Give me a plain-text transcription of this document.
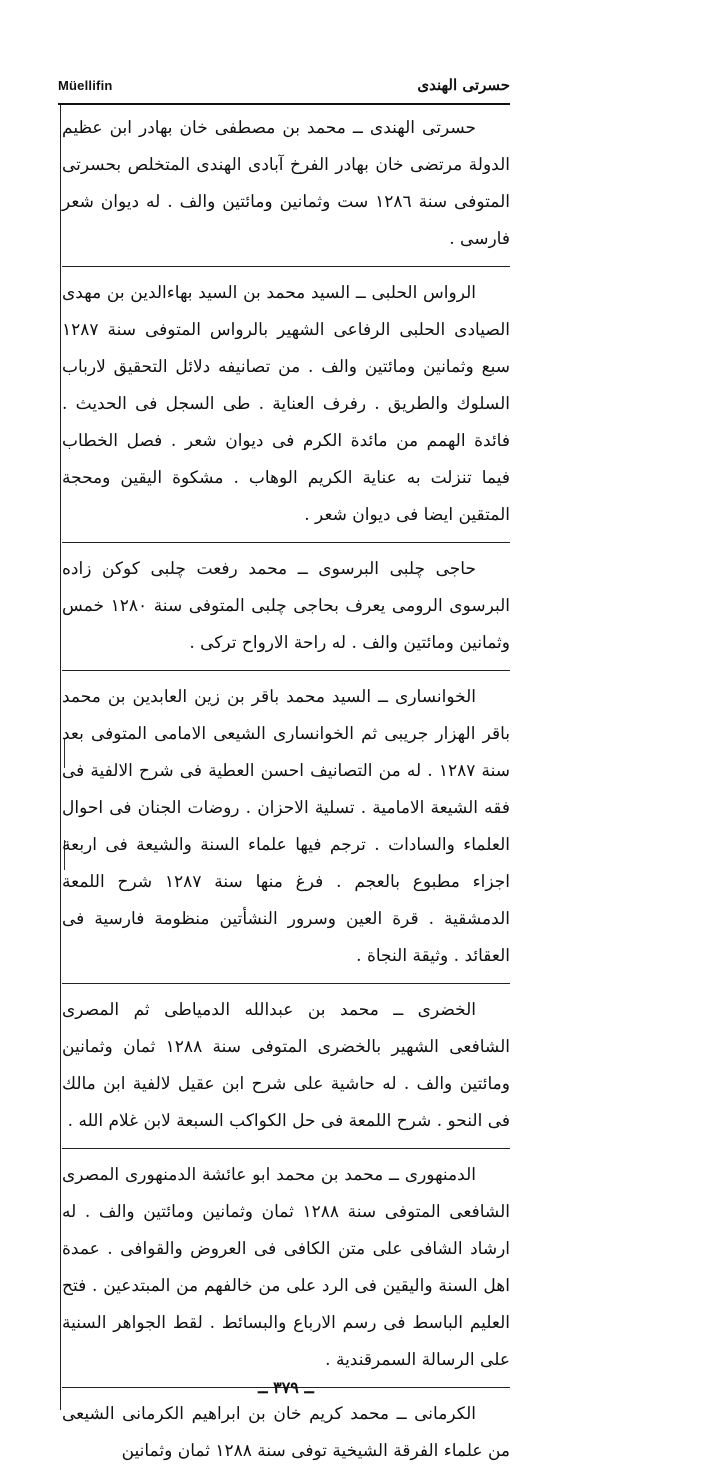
Müellifin	حسرتی الهندی

حسرتی الهندی ــ محمد بن مصطفی خان بهادر ابن عظیم الدولة مرتضی خان بهادر الفرخ آبادی الهندی المتخلص بحسرتی المتوفی سنة ١٢٨٦ ست وثمانین ومائتین والف . له دیوان شعر فارسی .

الرواس الحلبی ــ السید محمد بن السید بهاءالدین بن مهدی الصیادی الحلبی الرفاعی الشهیر بالرواس المتوفی سنة ١٢٨٧ سبع وثمانین ومائتین والف . من تصانیفه دلائل التحقیق لارباب السلوك والطریق . رفرف العنایة . طی السجل فی الحدیث . فائدة الهمم من مائدة الكرم فی دیوان شعر . فصل الخطاب فیما تنزلت به عنایة الكریم الوهاب . مشكوة الیقین ومحجة المتقین ایضا فی دیوان شعر .

حاجی چلبی البرسوی ــ محمد رفعت چلبی كوكن زاده البرسوی الرومی یعرف بحاجی چلبی المتوفی سنة ١٢٨٠ خمس وثمانین ومائتین والف . له راحة الارواح تركی .

الخوانساری ــ السید محمد باقر بن زین العابدین بن محمد باقر الهزار جریبی ثم الخوانساری الشیعی الامامی المتوفی بعد سنة ١٢٨٧ . له من التصانیف احسن العطیة فی شرح الالفیة فی فقه الشیعة الامامیة . تسلیة الاحزان . روضات الجنان فی احوال العلماء والسادات . ترجم فیها علماء السنة والشیعة فی اربعة اجزاء مطبوع بالعجم . فرغ منها سنة ١٢٨٧ شرح اللمعة الدمشقیة . قرة العین وسرور النشأتین منظومة فارسیة فی العقائد . وثیقة النجاة .

الخضری ــ محمد بن عبدالله الدمیاطی ثم المصری الشافعی الشهیر بالخضری المتوفی سنة ١٢٨٨ ثمان وثمانین ومائتین والف . له حاشیة علی شرح ابن عقیل لالفیة ابن مالك فی النحو . شرح اللمعة فی حل الكواكب السبعة لابن غلام الله .

الدمنهوری ــ محمد بن محمد ابو عائشة الدمنهوری المصری الشافعی المتوفی سنة ١٢٨٨ ثمان وثمانین ومائتین والف . له ارشاد الشافی علی متن الكافی فی العروض والقوافی . عمدة اهل السنة والیقین فی الرد علی من خالفهم من المبتدعین . فتح العلیم الباسط فی رسم الارباع والبسائط . لقط الجواهر السنیة علی الرسالة السمرقندیة .

الكرمانی ــ محمد كریم خان بن ابراهیم الكرمانی الشیعی من علماء الفرقة الشیخیة توفی سنة ١٢٨٨ ثمان وثمانین

ــ ٣٧٩ ــ
